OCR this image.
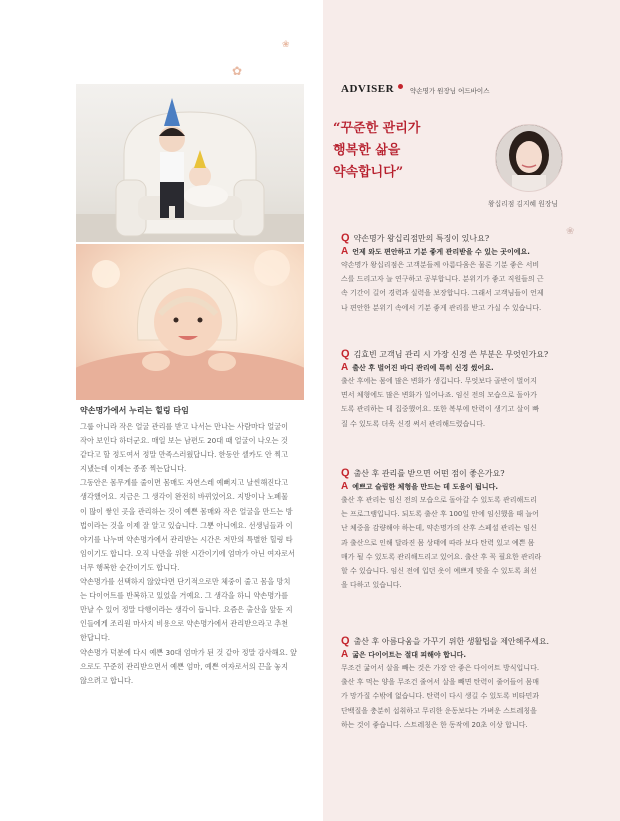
✿
❀
❀
약손명가에서 누리는 힐링 타임

그룹 아니라 작은 얼굴 관리를 받고 나서는 만나는 사람마다 얼굴이
작아 보인다 하더군요. 매일 보는 남편도 20대 때 얼굴이 나오는 것
같다고 할 정도여서 정말 만족스러웠답니다. 한동안 셀카도 안 찍고
지냈는데 이제는 종종 찍는답니다.

그동안은 몸무게를 줄이면 몸매도 자연스레 예뻐지고 날씬해진다고
생각했어요. 지금은 그 생각이 완전히 바뀌었어요. 지방이나 노폐물
이 많이 쌓인 곳을 관리하는 것이 예쁜 몸매와 작은 얼굴을 만드는 방
법이라는 것을 이제 잘 알고 있습니다. 그뿐 아니에요. 선생님들과 이
야기를 나누며 약손명가에서 관리받는 시간은 저만의 특별한 힐링 타
임이기도 합니다. 오직 나만을 위한 시간이기에 엄마가 아닌 여자로서
너무 행복한 순간이기도 합니다.

약손명가를 선택하지 않았다면 단기적으로만 체중이 줄고 몸을 망치
는 다이어트를 반복하고 있었을 거예요. 그 생각을 하니 약손명가를
만날 수 있어 정말 다행이라는 생각이 듭니다. 요즘은 출산을 앞둔 지
인들에게 조리원 마사지 비용으로 약손명가에서 관리받으라고 추천
한답니다.

약손명가 덕분에 다시 예쁜 30대 엄마가 된 것 같아 정말 감사해요. 앞
으로도 꾸준히 관리받으면서 예쁜 엄마, 예쁜 여자로서의 끈을 놓지
않으려고 합니다.

ADVISER 약손명가 원장님 어드바이스
“꾸준한 관리가
행복한 삶을
약속합니다”
왕십리점 김지혜 원장님
Q 약손명가 왕십리점만의 특징이 있나요?
A 언제 와도 편안하고 기분 좋게 관리받을 수 있는 곳이에요.
약손명가 왕십리점은 고객분들께 아름다움은 물론 기분 좋은 서비
스를 드리고자 늘 연구하고 공부합니다. 분위기가 좋고 직원들의 근
속 기간이 길어 경력과 실력을 보장합니다. 그래서 고객님들이 언제
나 편안한 분위기 속에서 기분 좋게 관리를 받고 가실 수 있습니다.
Q 김효빈 고객님 관리 시 가장 신경 쓴 부분은 무엇인가요?
A 출산 후 벌어진 바디 관리에 특히 신경 썼어요.
출산 후에는 몸에 많은 변화가 생깁니다. 무엇보다 골반이 벌어지
면서 체형에도 많은 변화가 일어나죠. 임신 전의 모습으로 돌아가
도록 관리하는 데 집중했어요. 또한 복부에 탄력이 생기고 살이 빠
질 수 있도록 더욱 신경 써서 관리해드렸습니다.
Q 출산 후 관리를 받으면 어떤 점이 좋은가요?
A 예쁘고 슬림한 체형을 만드는 데 도움이 됩니다.
출산 후 관리는 임신 전의 모습으로 돌아갈 수 있도록 관리해드리
는 프로그램입니다. 되도록 출산 후 100일 안에 임신했을 때 늘어
난 체중을 감량해야 하는데, 약손명가의 산후 스페셜 관리는 임신
과 출산으로 인해 달라진 몸 상태에 따라 보다 탄력 있고 예쁜 몸
매가 될 수 있도록 관리해드리고 있어요. 출산 후 꼭 필요한 관리라
할 수 있습니다. 임신 전에 입던 옷이 예쁘게 맞을 수 있도록 최선
을 다하고 있습니다.
Q 출산 후 아름다움을 가꾸기 위한 생활팁을 제안해주세요.
A 굶은 다이어트는 절대 피해야 합니다.
무조건 굶어서 살을 빼는 것은 가장 안 좋은 다이어트 방식입니다.
출산 후 먹는 양을 무조건 줄여서 살을 빼면 탄력이 줄어들어 몸매
가 망가질 수밖에 없습니다. 탄력이 다시 생길 수 있도록 비타민과
단백질을 충분히 섭취하고 무리한 운동보다는 가벼운 스트레칭을
하는 것이 좋습니다. 스트레칭은 한 동작에 20초 이상 합니다.
